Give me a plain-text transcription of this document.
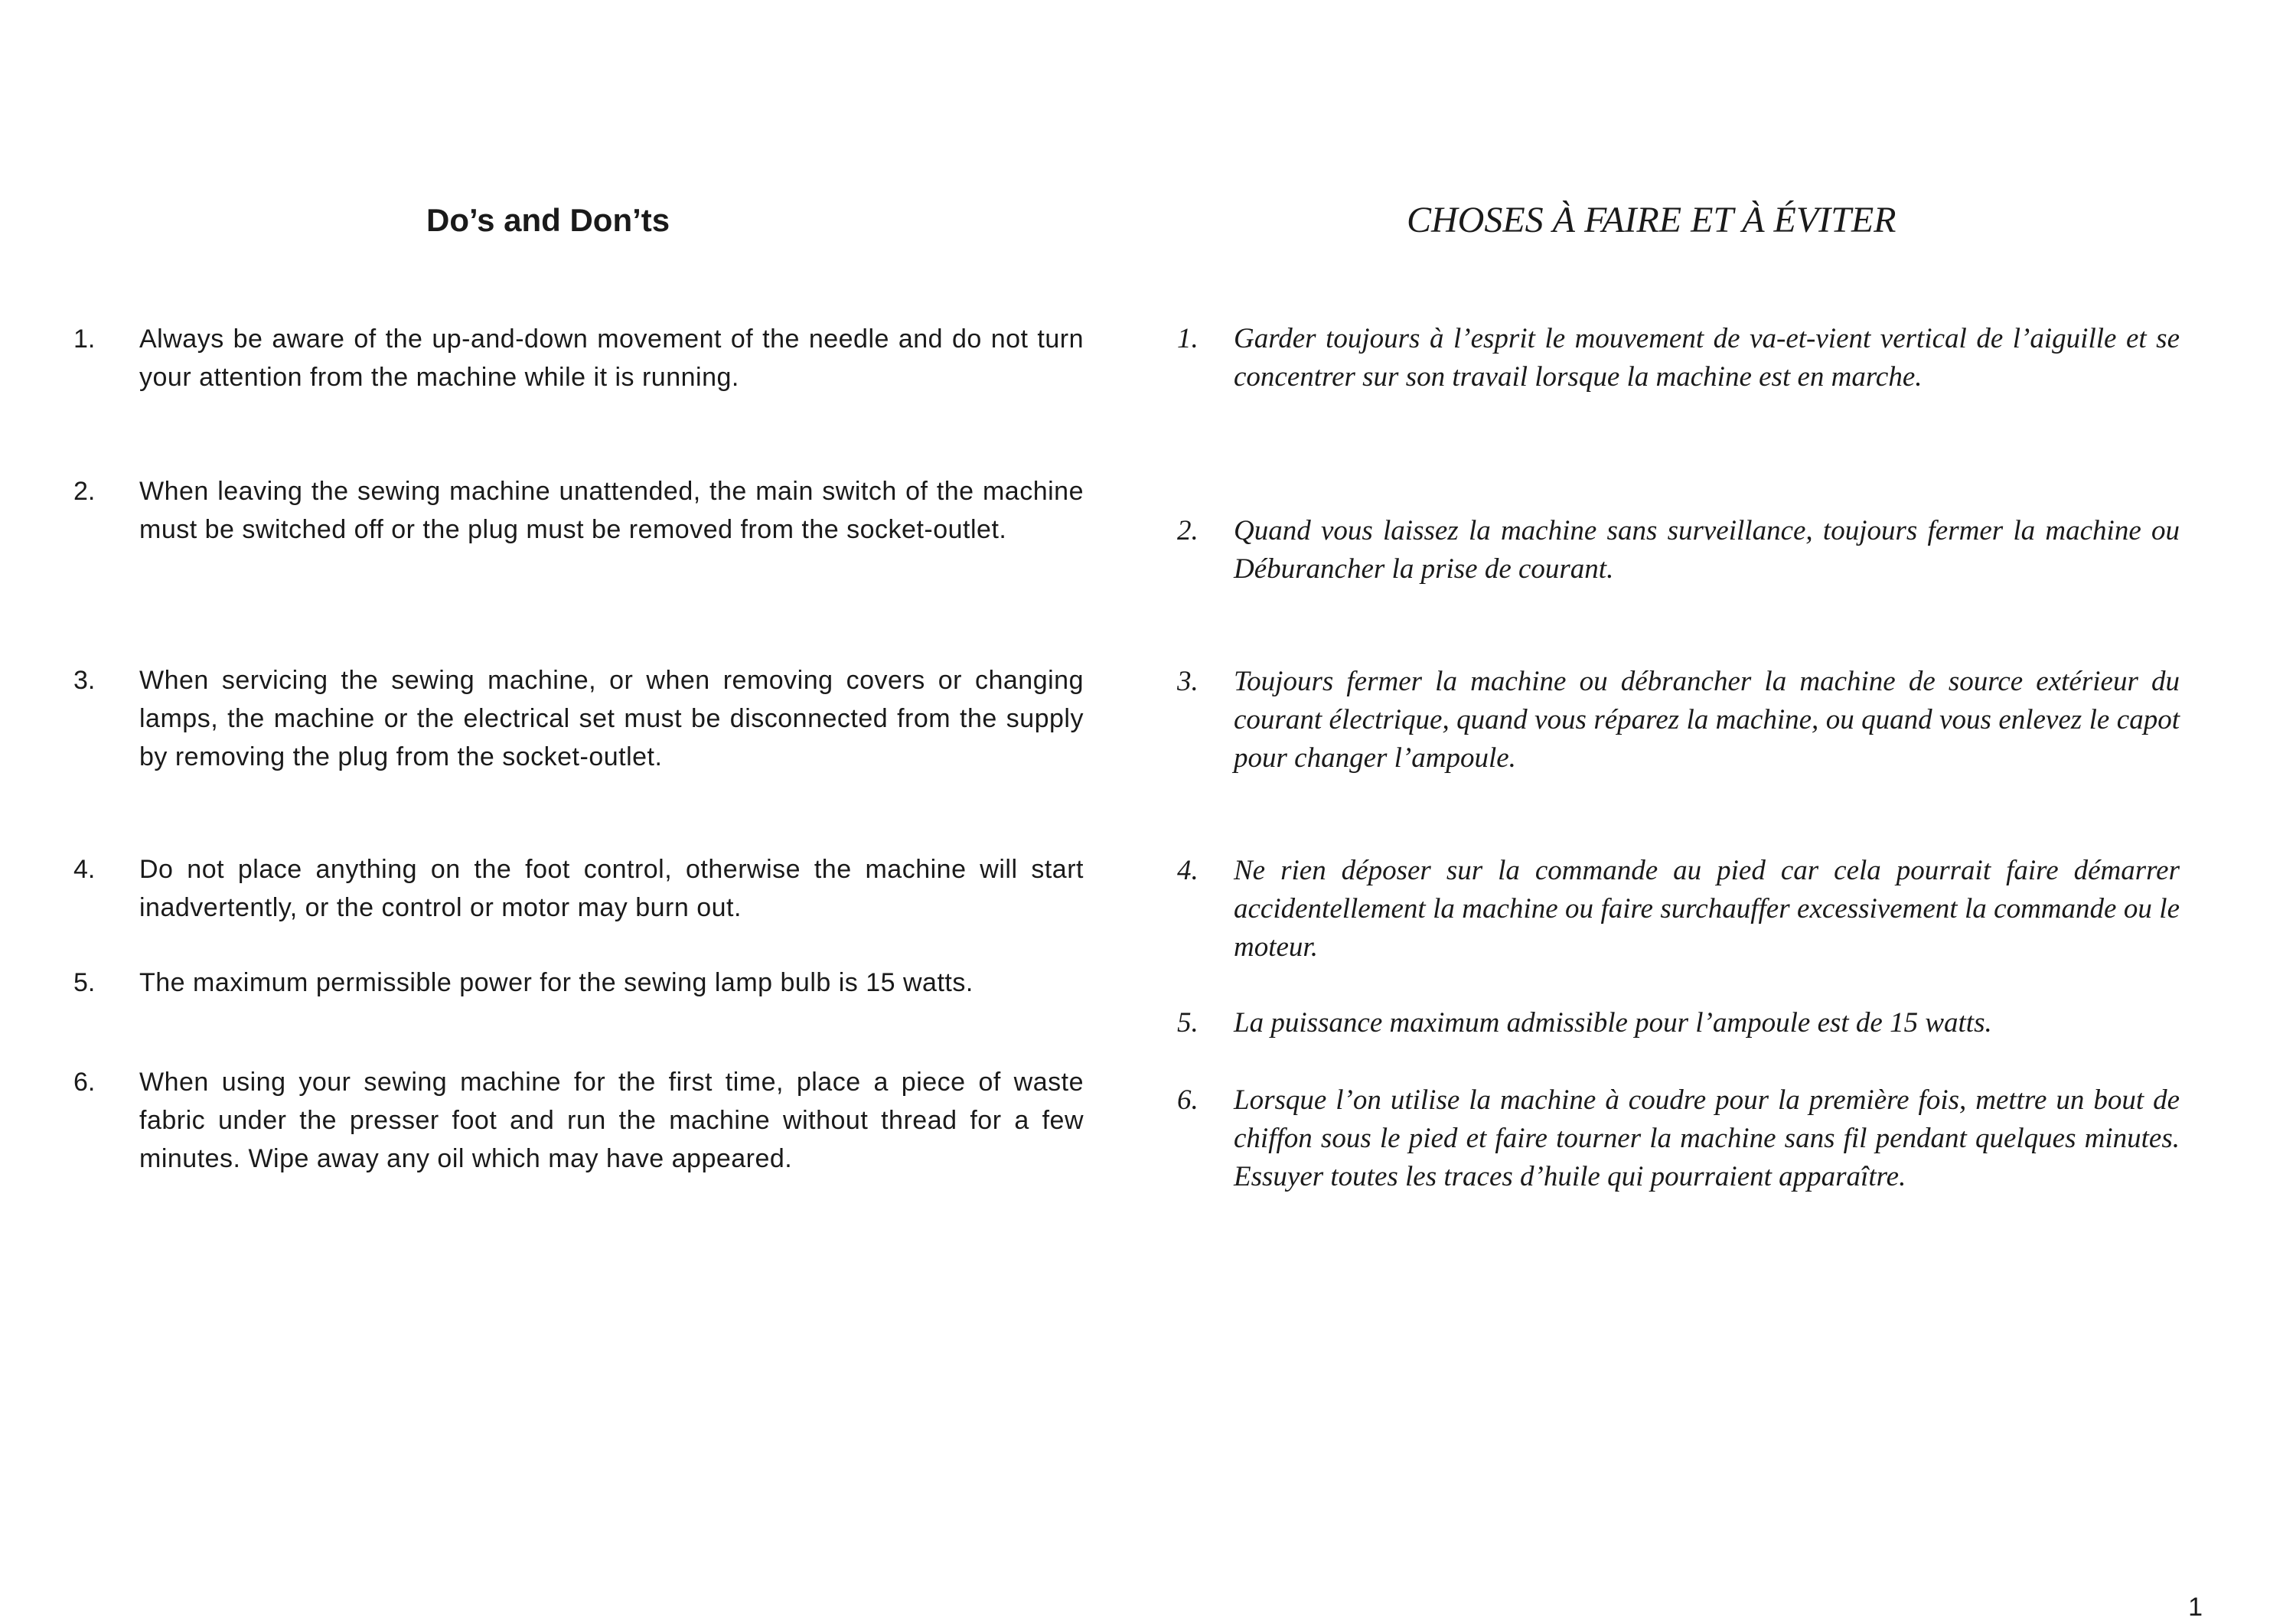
Do’s and Don’ts
1. Always be aware of the up-and-down movement of the needle and do not turn your attention from the machine while it is running.
2. When leaving the sewing machine unattended, the main switch of the machine must be switched off or the plug must be removed from the socket-outlet.
3. When servicing the sewing machine, or when removing covers or changing lamps, the machine or the electrical set must be disconnected from the supply by removing the plug from the socket-outlet.
4. Do not place anything on the foot control, otherwise the machine will start inadvertently, or the control or motor may burn out.
5. The maximum permissible power for the sewing lamp bulb is 15 watts.
6. When using your sewing machine for the first time, place a piece of waste fabric under the presser foot and run the machine without thread for a few minutes. Wipe away any oil which may have appeared.
CHOSES À FAIRE ET À ÉVITER
1. Garder toujours à l’esprit le mouvement de va-et-vient vertical de l’aiguille et se concentrer sur son travail lorsque la machine est en marche.
2. Quand vous laissez la machine sans surveillance, toujours fermer la machine ou Déburancher la prise de courant.
3. Toujours fermer la machine ou débrancher la machine de source extérieur du courant électrique, quand vous réparez la machine, ou quand vous enlevez le capot pour changer l’ampoule.
4. Ne rien déposer sur la commande au pied car cela pourrait faire démarrer accidentellement la machine ou faire surchauffer excessivement la commande ou le moteur.
5. La puissance maximum admissible pour l’ampoule est de 15 watts.
6. Lorsque l’on utilise la machine à coudre pour la première fois, mettre un bout de chiffon sous le pied et faire tourner la machine sans fil pendant quelques minutes. Essuyer toutes les traces d’huile qui pourraient apparaître.
1
